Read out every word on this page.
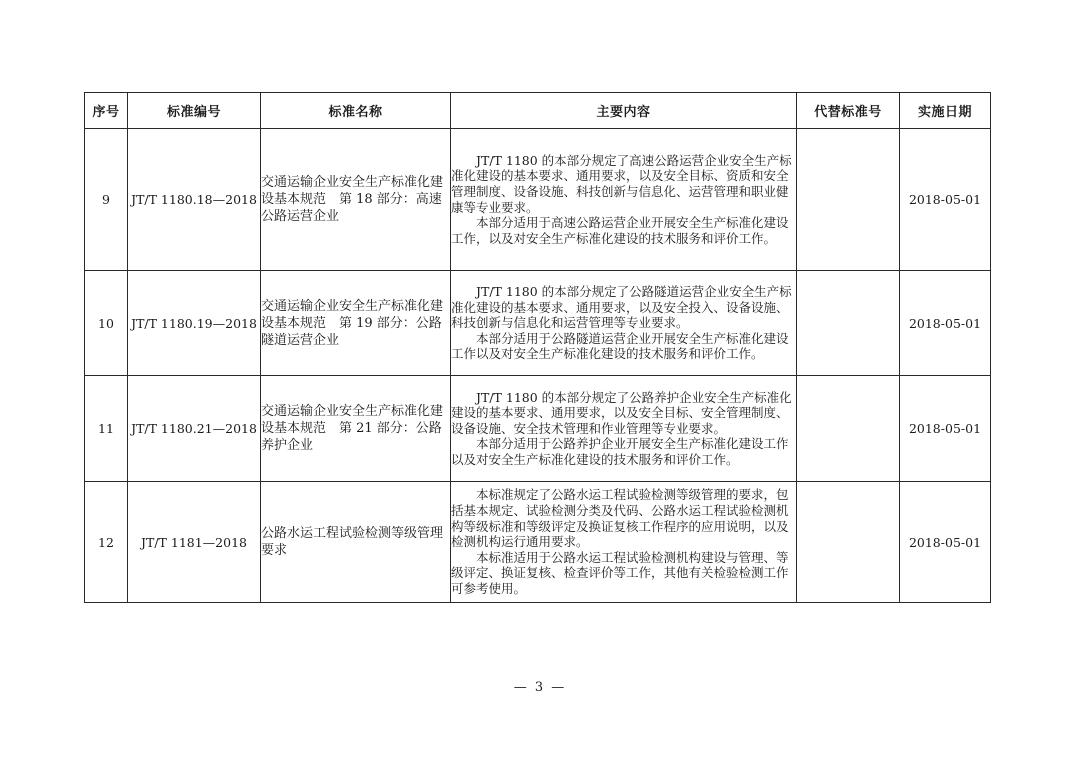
序号	标准编号	标准名称	主要内容	代替标准号	实施日期
9	JT/T 1180.18—2018	交通运输企业安全生产标准化建设基本规范　第 18 部分：高速公路运营企业	JT/T 1180 的本部分规定了高速公路运营企业安全生产标准化建设的基本要求、通用要求，以及安全目标、资质和安全管理制度、设备设施、科技创新与信息化、运营管理和职业健康等专业要求。

本部分适用于高速公路运营企业开展安全生产标准化建设工作，以及对安全生产标准化建设的技术服务和评价工作。		2018-05-01
10	JT/T 1180.19—2018	交通运输企业安全生产标准化建设基本规范　第 19 部分：公路隧道运营企业	JT/T 1180 的本部分规定了公路隧道运营企业安全生产标准化建设的基本要求、通用要求，以及安全投入、设备设施、科技创新与信息化和运营管理等专业要求。

本部分适用于公路隧道运营企业开展安全生产标准化建设工作以及对安全生产标准化建设的技术服务和评价工作。		2018-05-01
11	JT/T 1180.21—2018	交通运输企业安全生产标准化建设基本规范　第 21 部分：公路养护企业	JT/T 1180 的本部分规定了公路养护企业安全生产标准化建设的基本要求、通用要求，以及安全目标、安全管理制度、设备设施、安全技术管理和作业管理等专业要求。

本部分适用于公路养护企业开展安全生产标准化建设工作以及对安全生产标准化建设的技术服务和评价工作。		2018-05-01
12	JT/T 1181—2018	公路水运工程试验检测等级管理要求	本标准规定了公路水运工程试验检测等级管理的要求，包括基本规定、试验检测分类及代码、公路水运工程试验检测机构等级标准和等级评定及换证复核工作程序的应用说明，以及检测机构运行通用要求。

本标准适用于公路水运工程试验检测机构建设与管理、等级评定、换证复核、检查评价等工作，其他有关检验检测工作可参考使用。		2018-05-01
— 3 —
